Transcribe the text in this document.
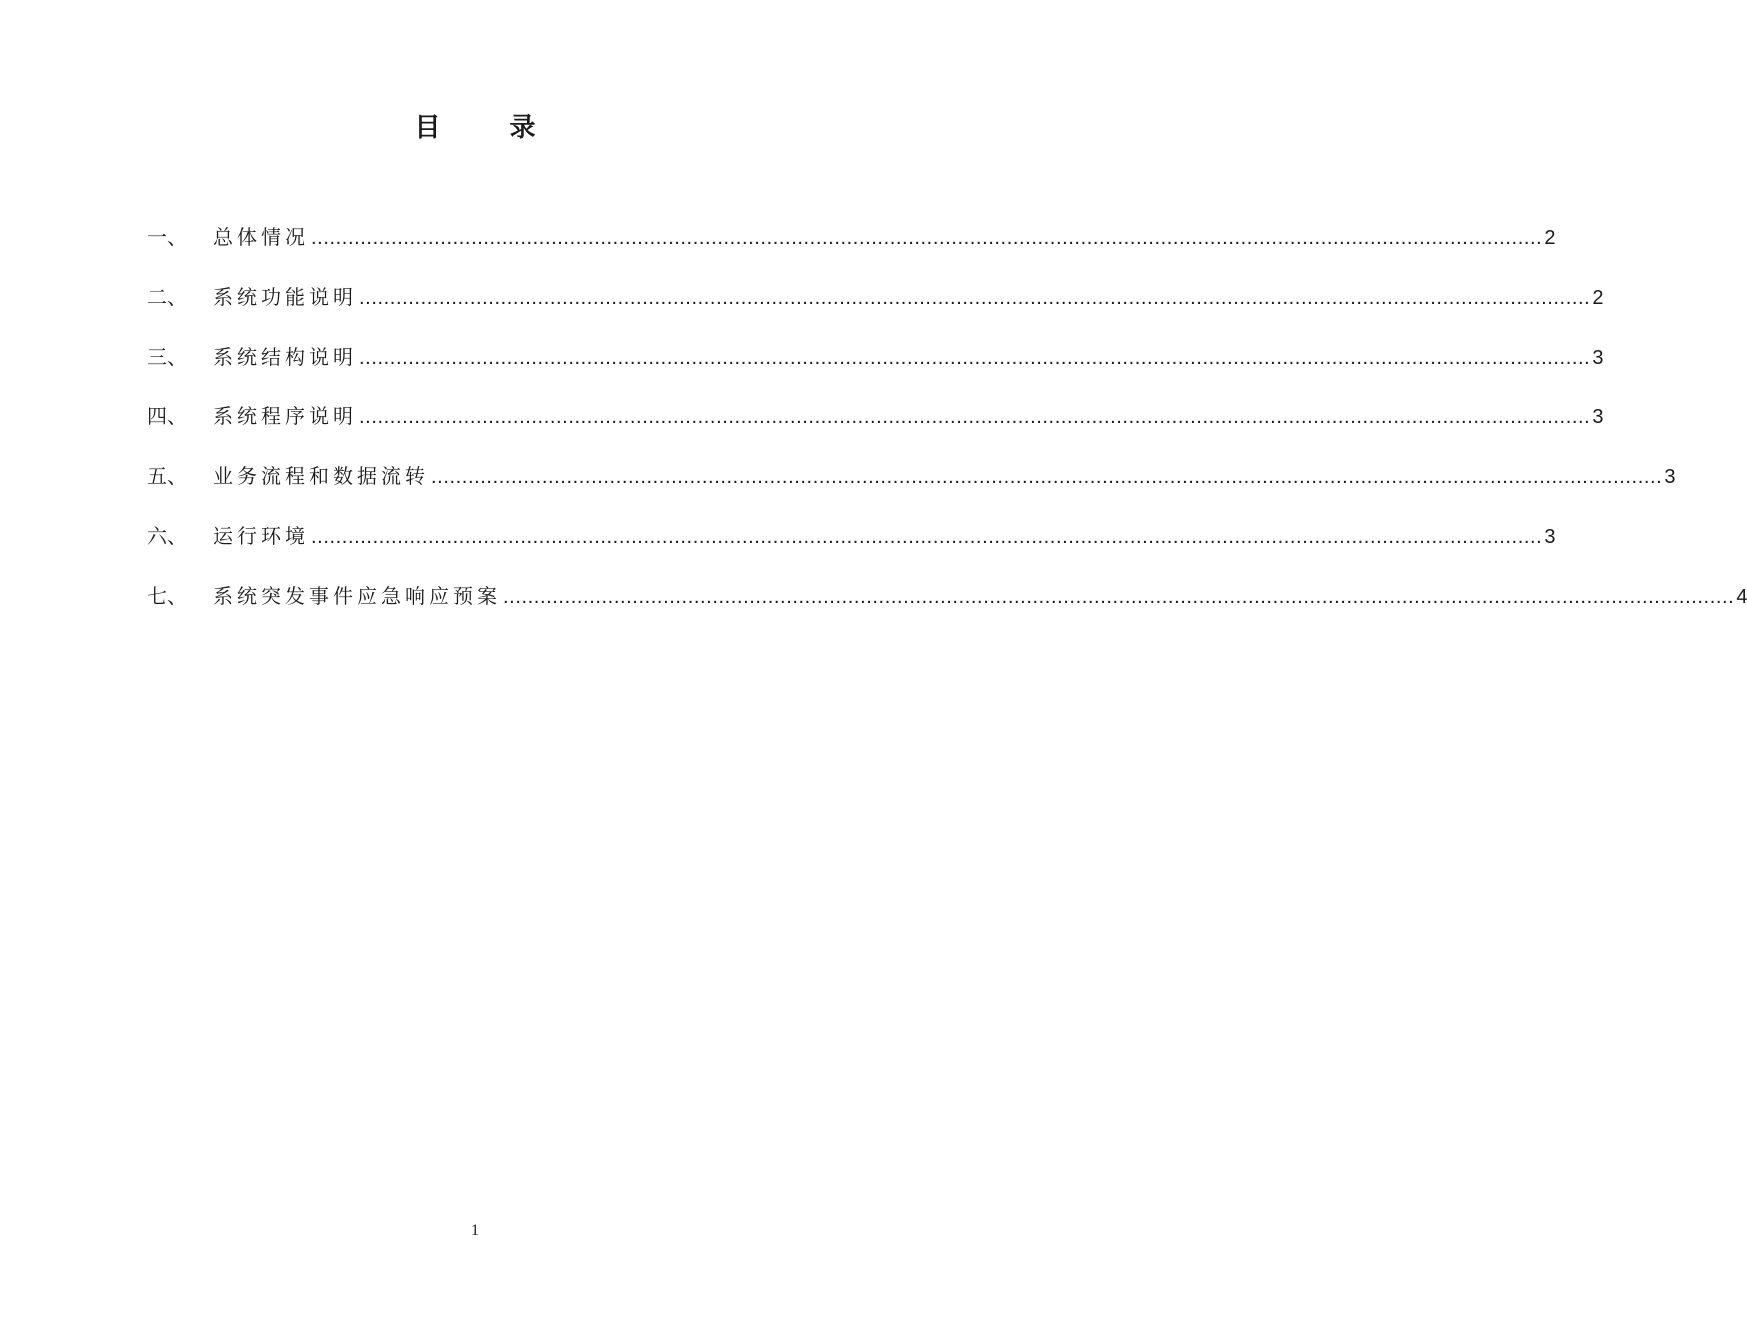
目 录
一、	总体情况 ........................................................................................................................................................................................................ 2
二、	系统功能说明 ........................................................................................................................................................................................................ 2
三、	系统结构说明 ........................................................................................................................................................................................................ 3
四、	系统程序说明 ........................................................................................................................................................................................................ 3
五、	业务流程和数据流转 ........................................................................................................................................................................................................ 3
六、	运行环境 ........................................................................................................................................................................................................ 3
七、	系统突发事件应急响应预案 ........................................................................................................................................................................................................ 4
1
